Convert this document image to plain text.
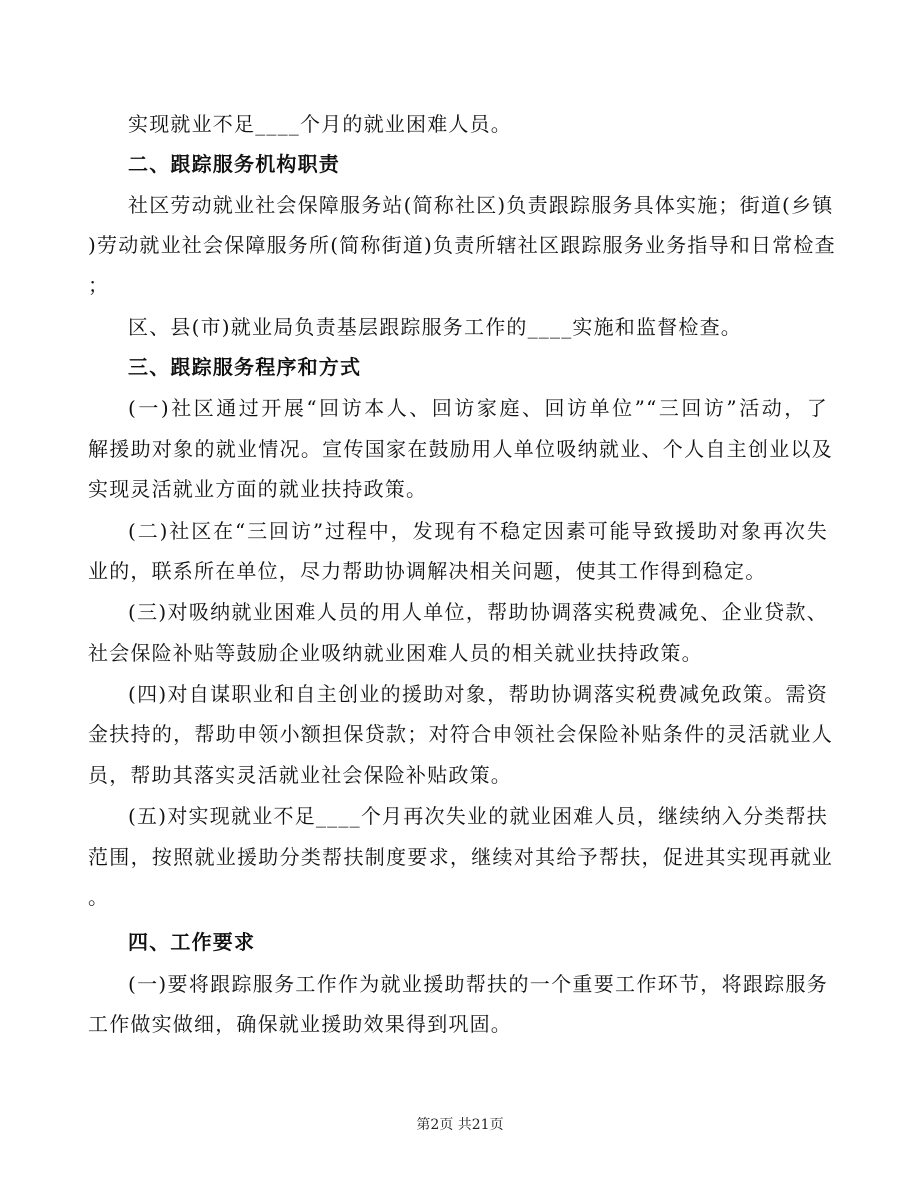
实现就业不足____个月的就业困难人员。
二、跟踪服务机构职责
社区劳动就业社会保障服务站(简称社区)负责跟踪服务具体实施；街道(乡镇
)劳动就业社会保障服务所(简称街道)负责所辖社区跟踪服务业务指导和日常检查
；
区、县(市)就业局负责基层跟踪服务工作的____实施和监督检查。
三、跟踪服务程序和方式
(一)社区通过开展“回访本人、回访家庭、回访单位”“三回访”活动，了
解援助对象的就业情况。宣传国家在鼓励用人单位吸纳就业、个人自主创业以及
实现灵活就业方面的就业扶持政策。
(二)社区在“三回访”过程中，发现有不稳定因素可能导致援助对象再次失
业的，联系所在单位，尽力帮助协调解决相关问题，使其工作得到稳定。
(三)对吸纳就业困难人员的用人单位，帮助协调落实税费减免、企业贷款、
社会保险补贴等鼓励企业吸纳就业困难人员的相关就业扶持政策。
(四)对自谋职业和自主创业的援助对象，帮助协调落实税费减免政策。需资
金扶持的，帮助申领小额担保贷款；对符合申领社会保险补贴条件的灵活就业人
员，帮助其落实灵活就业社会保险补贴政策。
(五)对实现就业不足____个月再次失业的就业困难人员，继续纳入分类帮扶
范围，按照就业援助分类帮扶制度要求，继续对其给予帮扶，促进其实现再就业
。
四、工作要求
(一)要将跟踪服务工作作为就业援助帮扶的一个重要工作环节，将跟踪服务
工作做实做细，确保就业援助效果得到巩固。
第2页 共21页
